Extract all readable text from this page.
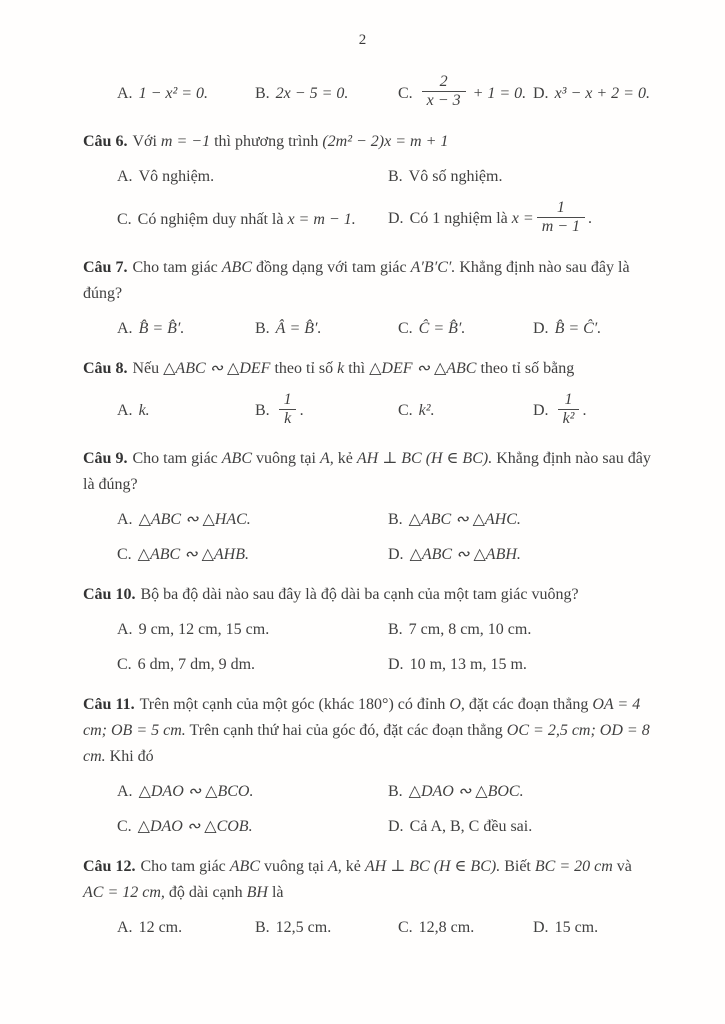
2
A. 1 − x² = 0.	B. 2x − 5 = 0.	C. $\frac{2}{x - 3} + 1 = 0$. D. x³ − x + 2 = 0.

Câu 6. Với m = −1 thì phương trình (2m² − 2)x = m + 1

A. Vô nghiệm.	B. Vô số nghiệm.
C. Có nghiệm duy nhất là x = m − 1.	D. Có 1 nghiệm là $x = \frac{1}{m - 1}$ .

Câu 7. Cho tam giác ABC đồng dạng với tam giác A′B′C′. Khẳng định nào sau đây là đúng?

A. B̂ = B̂′.	B. Â = B̂′.	C. Ĉ = B̂′.	D. B̂ = Ĉ′.

Câu 8. Nếu △ABC ∾ △DEF theo tỉ số k thì △DEF ∾ △ABC theo tỉ số bằng

A. k.	B. $\frac{1}{k}$ .	C. k².	D. $\frac{1}{\text{k²}}$ .

Câu 9. Cho tam giác ABC vuông tại A, kẻ AH ⊥ BC (H ∈ BC). Khẳng định nào sau đây là đúng?

A. △ABC ∾ △HAC.	B. △ABC ∾ △AHC.
C. △ABC ∾ △AHB.	D. △ABC ∾ △ABH.

Câu 10. Bộ ba độ dài nào sau đây là độ dài ba cạnh của một tam giác vuông?

A. 9 cm, 12 cm, 15 cm.	B. 7 cm, 8 cm, 10 cm.
C. 6 dm, 7 dm, 9 dm.	D. 10 m, 13 m, 15 m.

Câu 11. Trên một cạnh của một góc (khác 180°) có đỉnh O, đặt các đoạn thẳng OA = 4 cm; OB = 5 cm. Trên cạnh thứ hai của góc đó, đặt các đoạn thẳng OC = 2,5 cm; OD = 8 cm. Khi đó

A. △DAO ∾ △BCO.	B. △DAO ∾ △BOC.
C. △DAO ∾ △COB.	D. Cả A, B, C đều sai.

Câu 12. Cho tam giác ABC vuông tại A, kẻ AH ⊥ BC (H ∈ BC). Biết BC = 20 cm và AC = 12 cm, độ dài cạnh BH là

A. 12 cm.	B. 12,5 cm.	C. 12,8 cm.	D. 15 cm.
